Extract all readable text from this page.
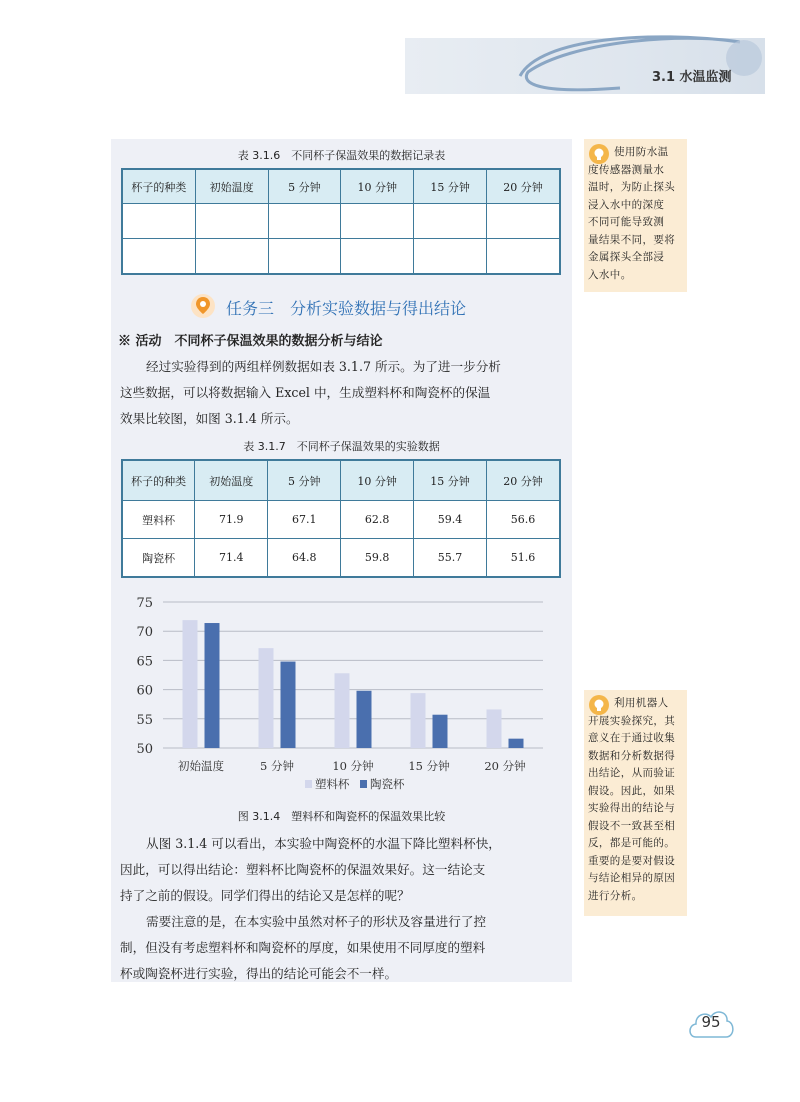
3.1 水温监测
表 3.1.6　不同杯子保温效果的数据记录表
杯子的种类	初始温度	5 分钟	10 分钟	15 分钟	20 分钟

任务三　分析实验数据与得出结论
※ 活动　不同杯子保温效果的数据分析与结论
经过实验得到的两组样例数据如表 3.1.7 所示。为了进一步分析
这些数据，可以将数据输入 Excel 中，生成塑料杯和陶瓷杯的保温
效果比较图，如图 3.1.4 所示。
表 3.1.7　不同杯子保温效果的实验数据
杯子的种类	初始温度	5 分钟	10 分钟	15 分钟	20 分钟
塑料杯	71.9	67.1	62.8	59.4	56.6
陶瓷杯	71.4	64.8	59.8	55.7	51.6
50
55
60
65
70
75
初始温度	5 分钟	10 分钟	15 分钟	20 分钟
塑料杯 陶瓷杯
图 3.1.4　塑料杯和陶瓷杯的保温效果比较
从图 3.1.4 可以看出，本实验中陶瓷杯的水温下降比塑料杯快，
因此，可以得出结论：塑料杯比陶瓷杯的保温效果好。这一结论支
持了之前的假设。同学们得出的结论又是怎样的呢？
需要注意的是，在本实验中虽然对杯子的形状及容量进行了控
制，但没有考虑塑料杯和陶瓷杯的厚度，如果使用不同厚度的塑料
杯或陶瓷杯进行实验，得出的结论可能会不一样。
使用防水温
度传感器测量水
温时，为防止探头
浸入水中的深度
不同可能导致测
量结果不同，要将
金属探头全部浸
入水中。
利用机器人
开展实验探究，其
意义在于通过收集
数据和分析数据得
出结论，从而验证
假设。因此，如果
实验得出的结论与
假设不一致甚至相
反，都是可能的。
重要的是要对假设
与结论相异的原因
进行分析。
95
